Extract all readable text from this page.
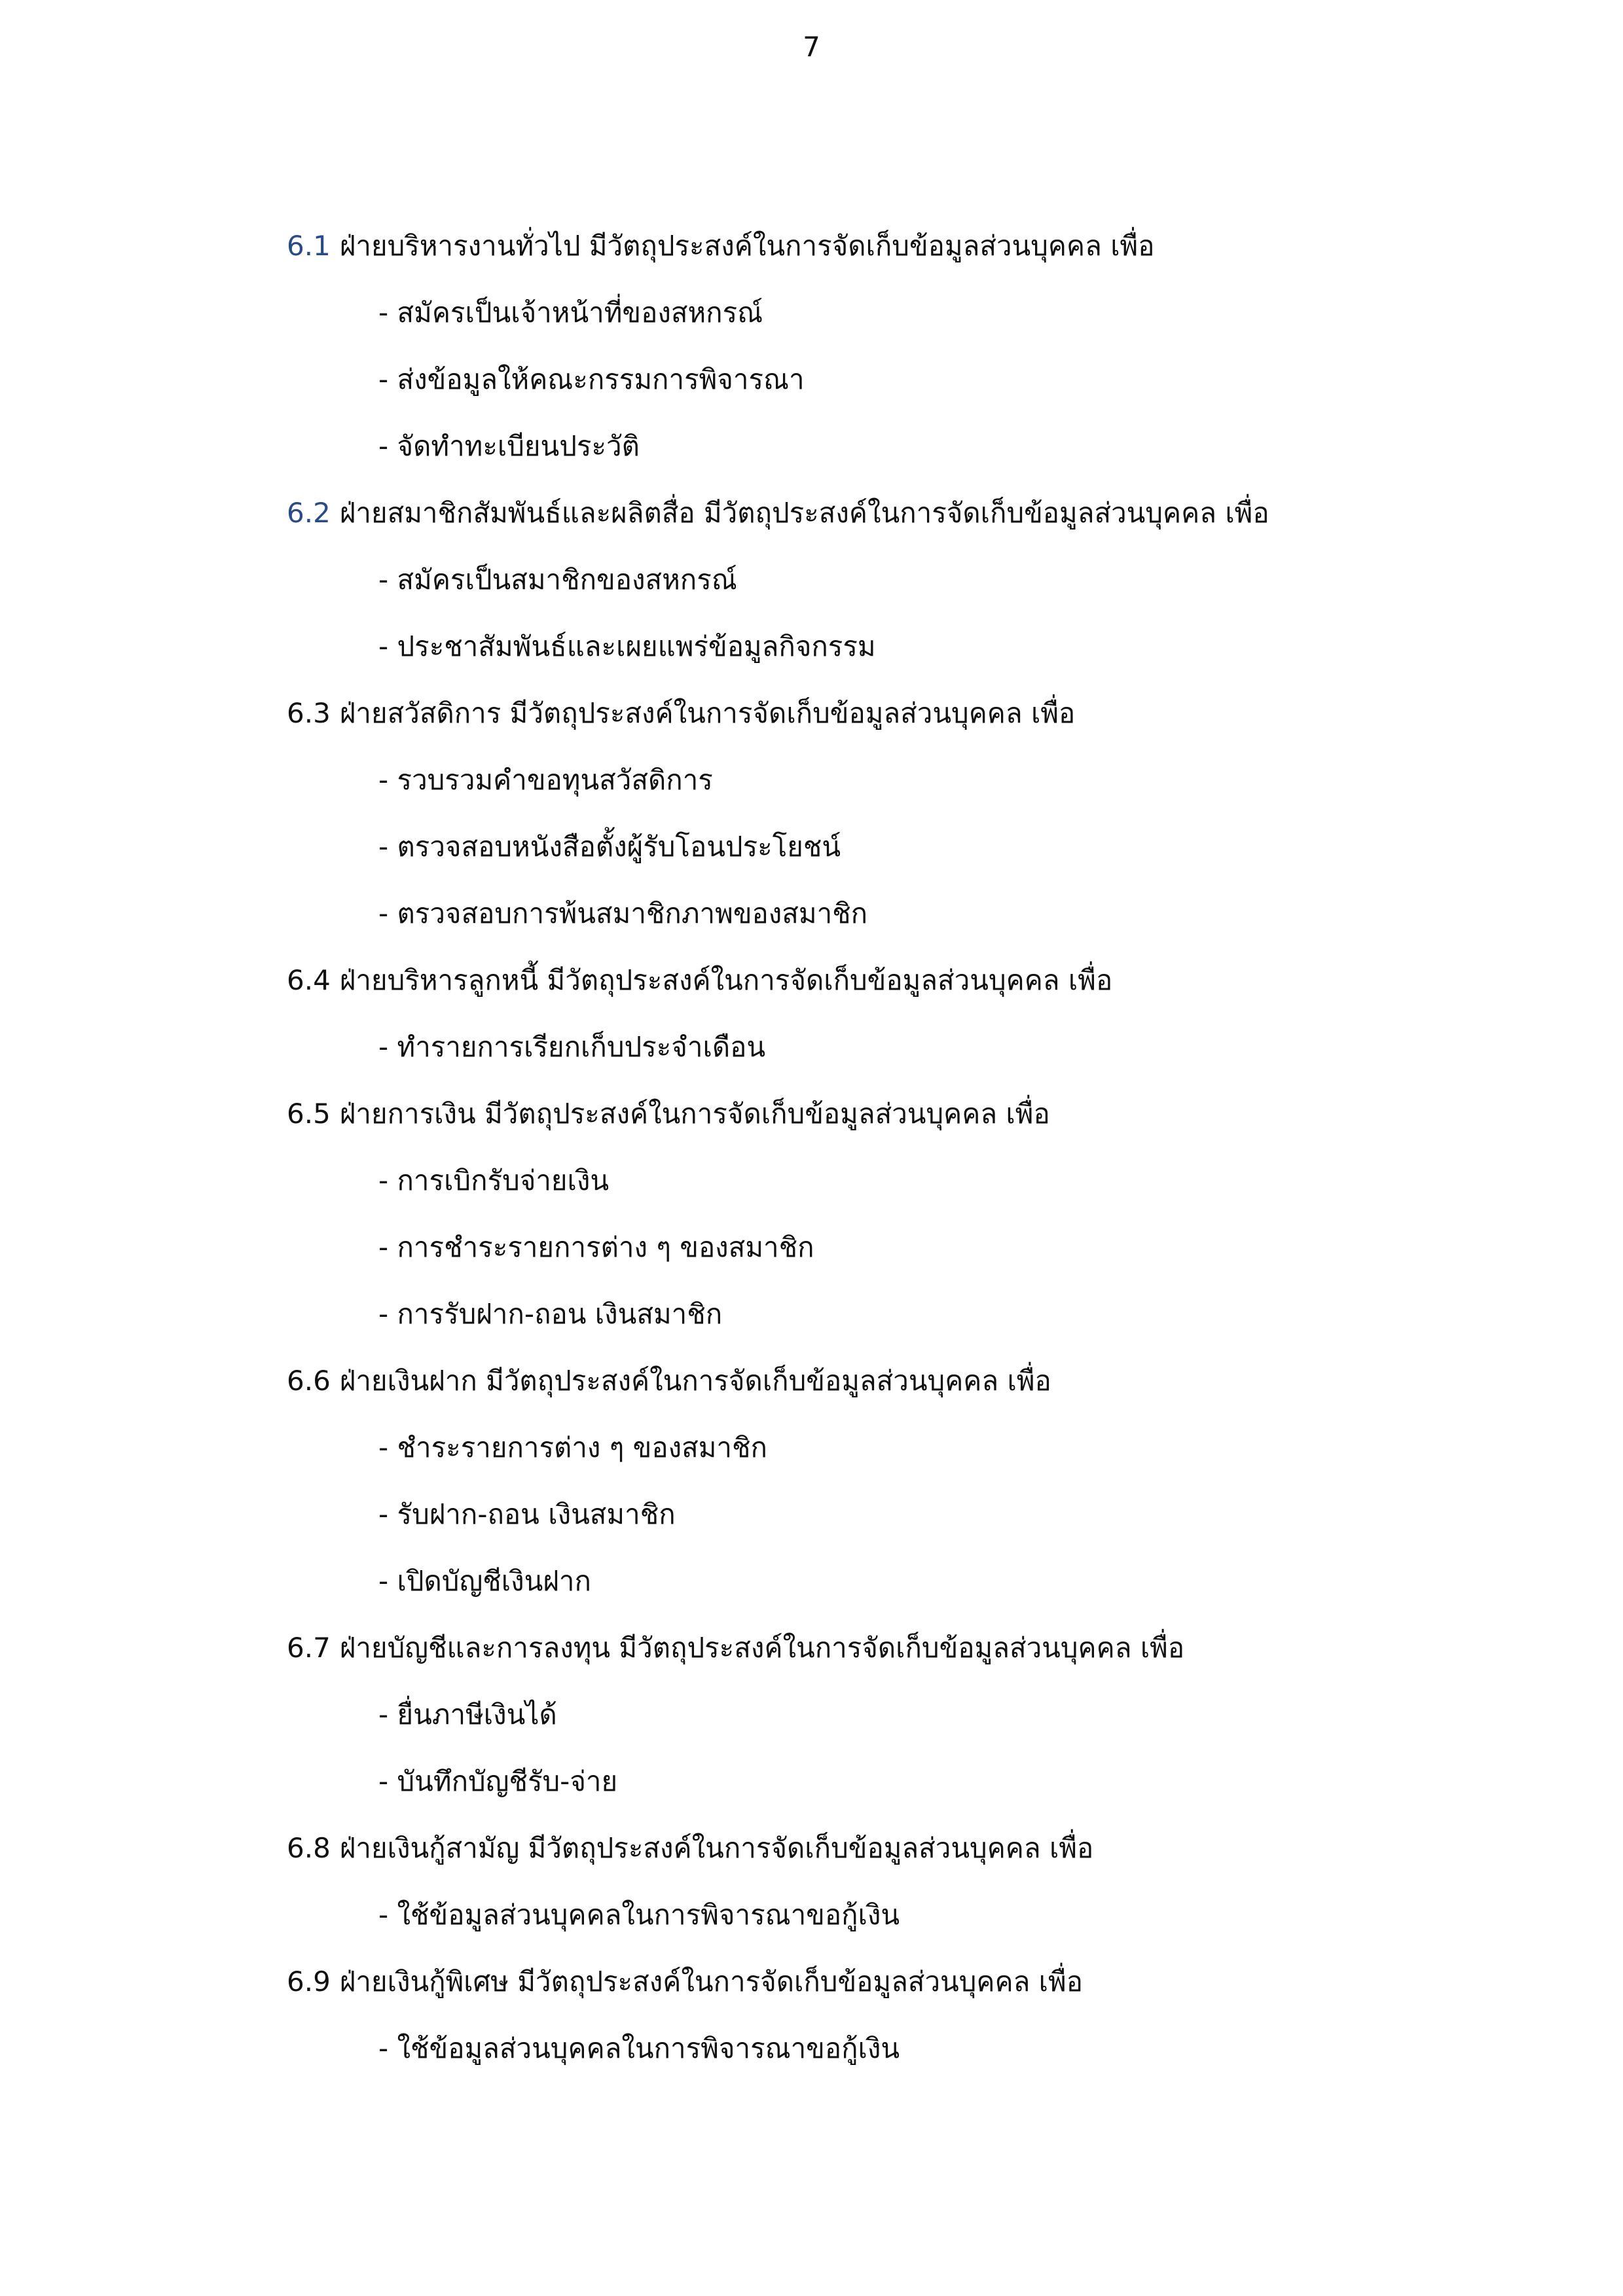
7
6.1 ฝ่ายบริหารงานทั่วไป มีวัตถุประสงค์ในการจัดเก็บข้อมูลส่วนบุคคล เพื่อ
- สมัครเป็นเจ้าหน้าที่ของสหกรณ์
- ส่งข้อมูลให้คณะกรรมการพิจารณา
- จัดทำทะเบียนประวัติ
6.2 ฝ่ายสมาชิกสัมพันธ์และผลิตสื่อ มีวัตถุประสงค์ในการจัดเก็บข้อมูลส่วนบุคคล เพื่อ
- สมัครเป็นสมาชิกของสหกรณ์
- ประชาสัมพันธ์และเผยแพร่ข้อมูลกิจกรรม
6.3 ฝ่ายสวัสดิการ มีวัตถุประสงค์ในการจัดเก็บข้อมูลส่วนบุคคล เพื่อ
- รวบรวมคำขอทุนสวัสดิการ
- ตรวจสอบหนังสือตั้งผู้รับโอนประโยชน์
- ตรวจสอบการพ้นสมาชิกภาพของสมาชิก
6.4 ฝ่ายบริหารลูกหนี้ มีวัตถุประสงค์ในการจัดเก็บข้อมูลส่วนบุคคล เพื่อ
- ทำรายการเรียกเก็บประจำเดือน
6.5 ฝ่ายการเงิน มีวัตถุประสงค์ในการจัดเก็บข้อมูลส่วนบุคคล เพื่อ
- การเบิกรับจ่ายเงิน
- การชำระรายการต่าง ๆ ของสมาชิก
- การรับฝาก-ถอน เงินสมาชิก
6.6 ฝ่ายเงินฝาก มีวัตถุประสงค์ในการจัดเก็บข้อมูลส่วนบุคคล เพื่อ
- ชำระรายการต่าง ๆ ของสมาชิก
- รับฝาก-ถอน เงินสมาชิก
- เปิดบัญชีเงินฝาก
6.7 ฝ่ายบัญชีและการลงทุน มีวัตถุประสงค์ในการจัดเก็บข้อมูลส่วนบุคคล เพื่อ
- ยื่นภาษีเงินได้
- บันทึกบัญชีรับ-จ่าย
6.8 ฝ่ายเงินกู้สามัญ มีวัตถุประสงค์ในการจัดเก็บข้อมูลส่วนบุคคล เพื่อ
- ใช้ข้อมูลส่วนบุคคลในการพิจารณาขอกู้เงิน
6.9 ฝ่ายเงินกู้พิเศษ มีวัตถุประสงค์ในการจัดเก็บข้อมูลส่วนบุคคล เพื่อ
- ใช้ข้อมูลส่วนบุคคลในการพิจารณาขอกู้เงิน
